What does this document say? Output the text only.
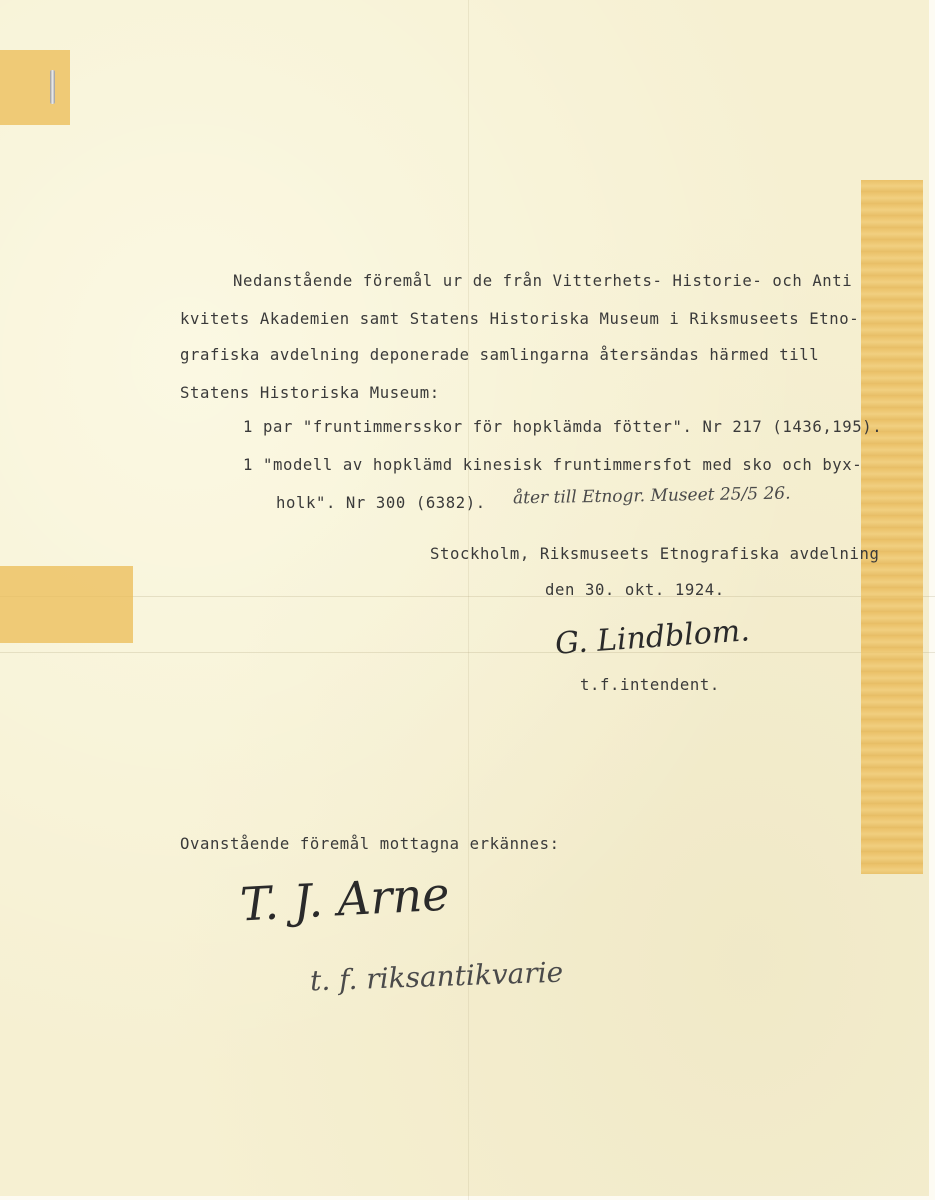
Nedanstående föremål ur de från Vitterhets- Historie- och Anti

kvitets Akademien samt Statens Historiska Museum i Riksmuseets Etno-

grafiska avdelning deponerade samlingarna återsändas härmed till

Statens Historiska Museum:

1 par "fruntimmersskor för hopklämda fötter". Nr 217 (1436,195).

1 "modell av hopklämd kinesisk fruntimmersfot med sko och byx-

holk". Nr 300 (6382). åter till Etnogr. Museet 25/5 26.

Stockholm, Riksmuseets Etnografiska avdelning

den 30. okt. 1924.

G. Lindblom.

t.f.intendent.

Ovanstående föremål mottagna erkännes:

T. J. Arne

t. f. riksantikvarie
